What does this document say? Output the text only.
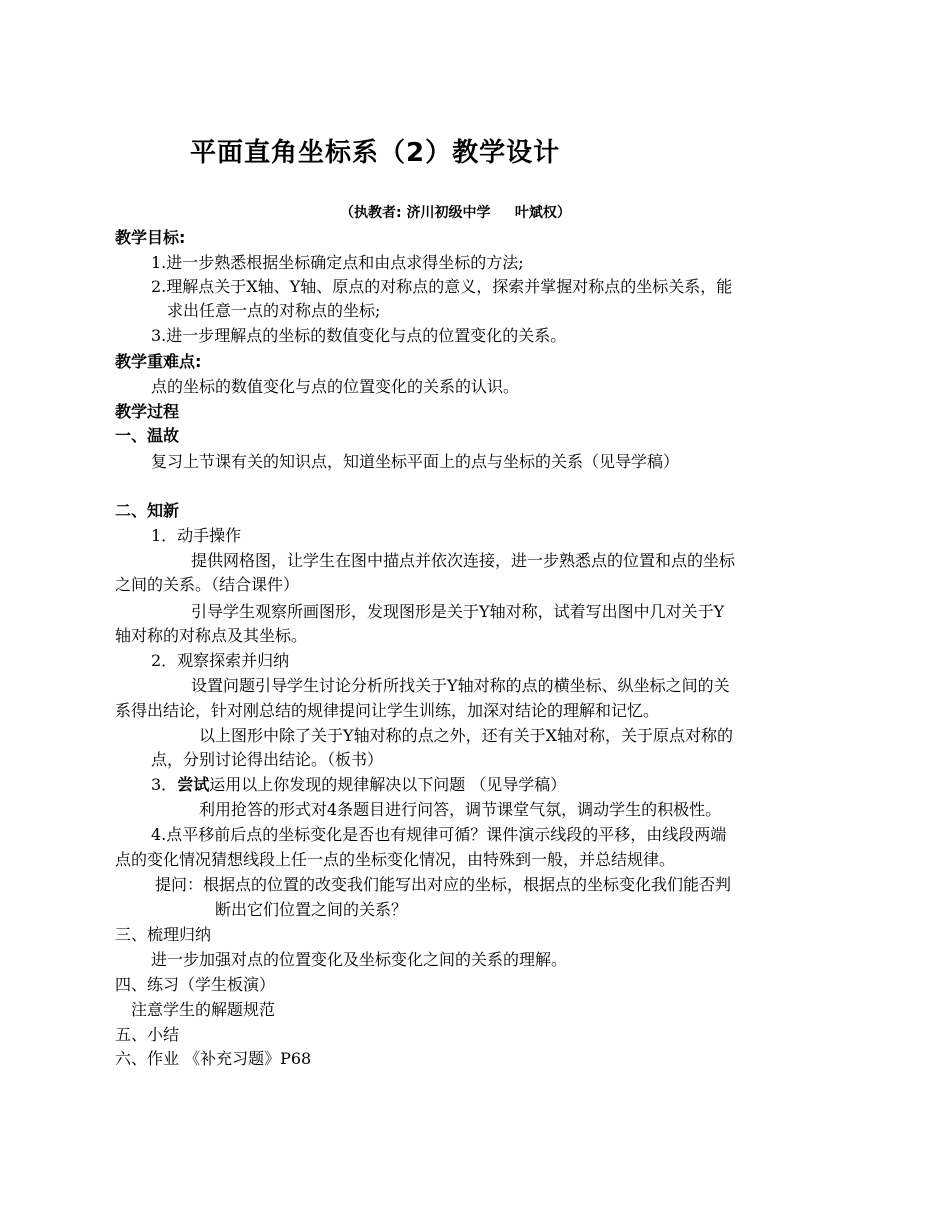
平面直角坐标系（2）教学设计
（执教者: 济川初级中学     叶斌权）
教学目标:
1.进一步熟悉根据坐标确定点和由点求得坐标的方法;
2.理解点关于X轴、Y轴、原点的对称点的意义，探索并掌握对称点的坐标关系，能
求出任意一点的对称点的坐标;
3.进一步理解点的坐标的数值变化与点的位置变化的关系。
教学重难点:
点的坐标的数值变化与点的位置变化的关系的认识。
教学过程
一、温故
复习上节课有关的知识点，知道坐标平面上的点与坐标的关系（见导学稿）
二、知新
1．动手操作
提供网格图，让学生在图中描点并依次连接，进一步熟悉点的位置和点的坐标
之间的关系。（结合课件）
引导学生观察所画图形，发现图形是关于Y轴对称，试着写出图中几对关于Y
轴对称的对称点及其坐标。
2．观察探索并归纳
设置问题引导学生讨论分析所找关于Y轴对称的点的横坐标、纵坐标之间的关
系得出结论，针对刚总结的规律提问让学生训练，加深对结论的理解和记忆。
以上图形中除了关于Y轴对称的点之外，还有关于X轴对称，关于原点对称的
点，分别讨论得出结论。（板书）
3．尝试运用以上你发现的规律解决以下问题 （见导学稿）
利用抢答的形式对4条题目进行问答，调节课堂气氛，调动学生的积极性。
4.点平移前后点的坐标变化是否也有规律可循？课件演示线段的平移，由线段两端
点的变化情况猜想线段上任一点的坐标变化情况，由特殊到一般，并总结规律。
提问：根据点的位置的改变我们能写出对应的坐标，根据点的坐标变化我们能否判
断出它们位置之间的关系？
三、梳理归纳
进一步加强对点的位置变化及坐标变化之间的关系的理解。
四、练习（学生板演）
注意学生的解题规范
五、小结
六、作业 《补充习题》P68
